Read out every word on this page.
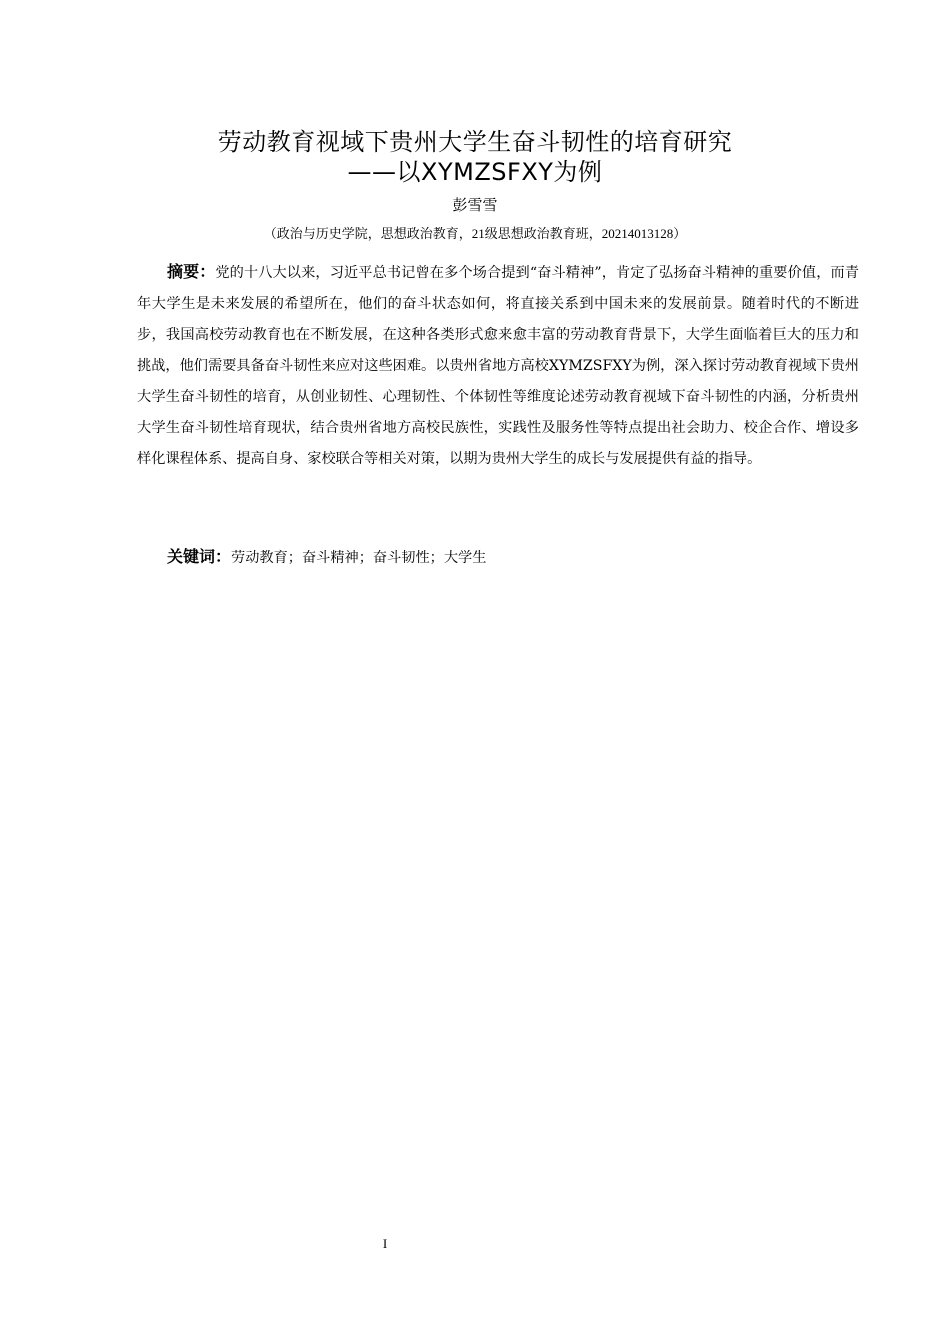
劳动教育视域下贵州大学生奋斗韧性的培育研究
——以XYMZSFXY为例
彭雪雪
（政治与历史学院，思想政治教育，21级思想政治教育班，20214013128）

摘要：党的十八大以来，习近平总书记曾在多个场合提到“奋斗精神”，肯定了弘扬奋斗精神的重要价值，而青年大学生是未来发展的希望所在，他们的奋斗状态如何，将直接关系到中国未来的发展前景。随着时代的不断进步，我国高校劳动教育也在不断发展，在这种各类形式愈来愈丰富的劳动教育背景下，大学生面临着巨大的压力和挑战，他们需要具备奋斗韧性来应对这些困难。以贵州省地方高校XYMZSFXY为例，深入探讨劳动教育视域下贵州大学生奋斗韧性的培育，从创业韧性、心理韧性、个体韧性等维度论述劳动教育视域下奋斗韧性的内涵，分析贵州大学生奋斗韧性培育现状，结合贵州省地方高校民族性，实践性及服务性等特点提出社会助力、校企合作、增设多样化课程体系、提高自身、家校联合等相关对策，以期为贵州大学生的成长与发展提供有益的指导。

关键词：劳动教育；奋斗精神；奋斗韧性；大学生

I
